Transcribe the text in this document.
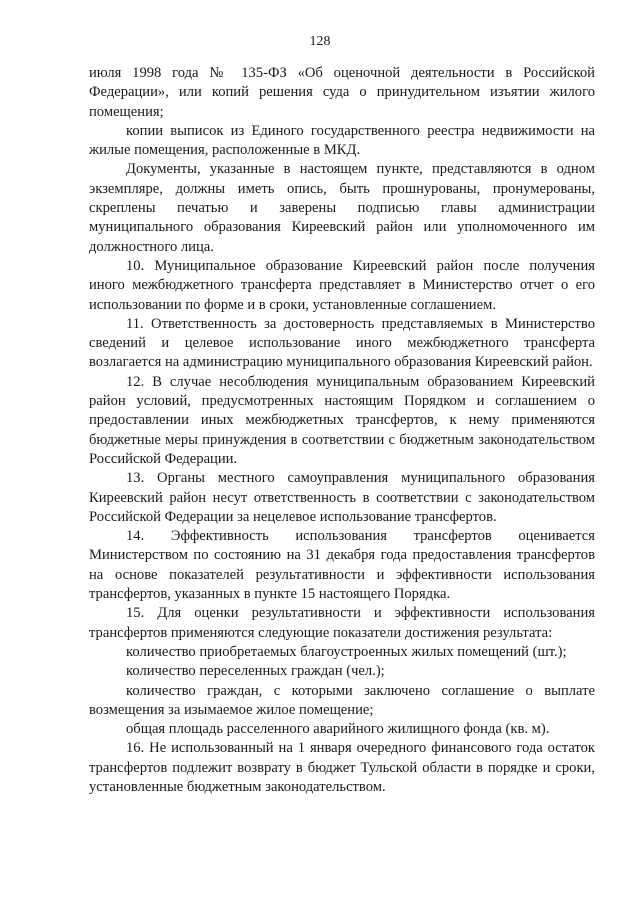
128

июля 1998 года № 135-ФЗ «Об оценочной деятельности в Российской Федерации», или копий решения суда о принудительном изъятии жилого помещения;

копии выписок из Единого государственного реестра недвижимости на жилые помещения, расположенные в МКД.

Документы, указанные в настоящем пункте, представляются в одном экземпляре, должны иметь опись, быть прошнурованы, пронумерованы, скреплены печатью и заверены подписью главы администрации муниципального образования Киреевский район или уполномоченного им должностного лица.

10. Муниципальное образование Киреевский район после получения иного межбюджетного трансферта представляет в Министерство отчет о его использовании по форме и в сроки, установленные соглашением.

11. Ответственность за достоверность представляемых в Министерство сведений и целевое использование иного межбюджетного трансферта возлагается на администрацию муниципального образования Киреевский район.

12. В случае несоблюдения муниципальным образованием Киреевский район условий, предусмотренных настоящим Порядком и соглашением о предоставлении иных межбюджетных трансфертов, к нему применяются бюджетные меры принуждения в соответствии с бюджетным законодательством Российской Федерации.

13. Органы местного самоуправления муниципального образования Киреевский район несут ответственность в соответствии с законодательством Российской Федерации за нецелевое использование трансфертов.

14. Эффективность использования трансфертов оценивается Министерством по состоянию на 31 декабря года предоставления трансфертов на основе показателей результативности и эффективности использования трансфертов, указанных в пункте 15 настоящего Порядка.

15. Для оценки результативности и эффективности использования трансфертов применяются следующие показатели достижения результата:

количество приобретаемых благоустроенных жилых помещений (шт.);

количество переселенных граждан (чел.);

количество граждан, с которыми заключено соглашение о выплате возмещения за изымаемое жилое помещение;

общая площадь расселенного аварийного жилищного фонда (кв. м).

16. Не использованный на 1 января очередного финансового года остаток трансфертов подлежит возврату в бюджет Тульской области в порядке и сроки, установленные бюджетным законодательством.
